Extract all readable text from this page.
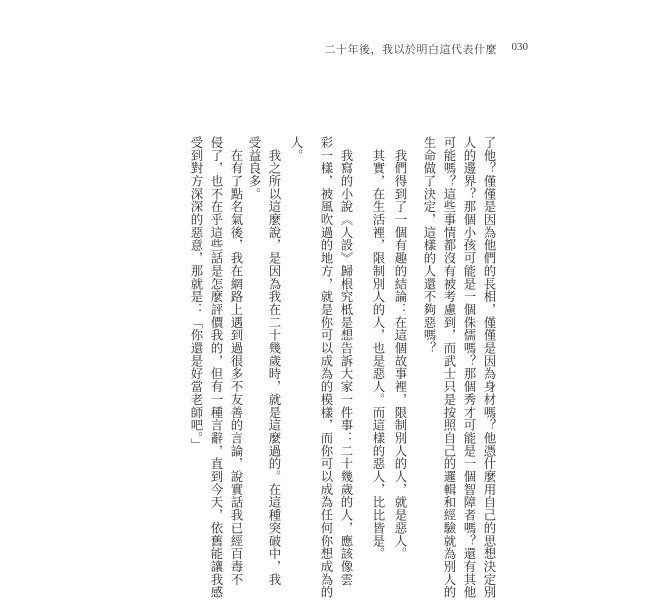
二十年後，我以於明白這代表什麼 030
了他？僅僅是因為他們的長相，僅僅是因為身材嗎？他憑什麼用自己的思想決定別
人的邊界？那個小孩可能是一個侏儒嗎？那個秀才可能是一個智障者嗎？還有其他
可能嗎？這些事情都沒有被考慮到，而武士只是按照自己的邏輯和經驗就為別人的
生命做了決定，這樣的人還不夠惡嗎？
　我們得到了一個有趣的結論：在這個故事裡，限制別人的人，就是惡人。
　其實，在生活裡，限制別人的人，也是惡人。而這樣的惡人，比比皆是。
　我寫的小說《人設》歸根究柢是想告訴大家一件事：二十幾歲的人，應該像雲
彩一樣，被風吹過的地方，就是你可以成為的模樣，而你可以成為任何你想成為的
人。
　我之所以這麼說，是因為我在二十幾歲時，就是這麼過的。在這種突破中，我
受益良多。
　在有了點名氣後，我在網路上遇到過很多不友善的言論，說實話我已經百毒不
侵了，也不在乎這些話是怎麼評價我的，但有一種言辭，直到今天，依舊能讓我感
受到對方深深的惡意，那就是：「你還是好當老師吧。」
